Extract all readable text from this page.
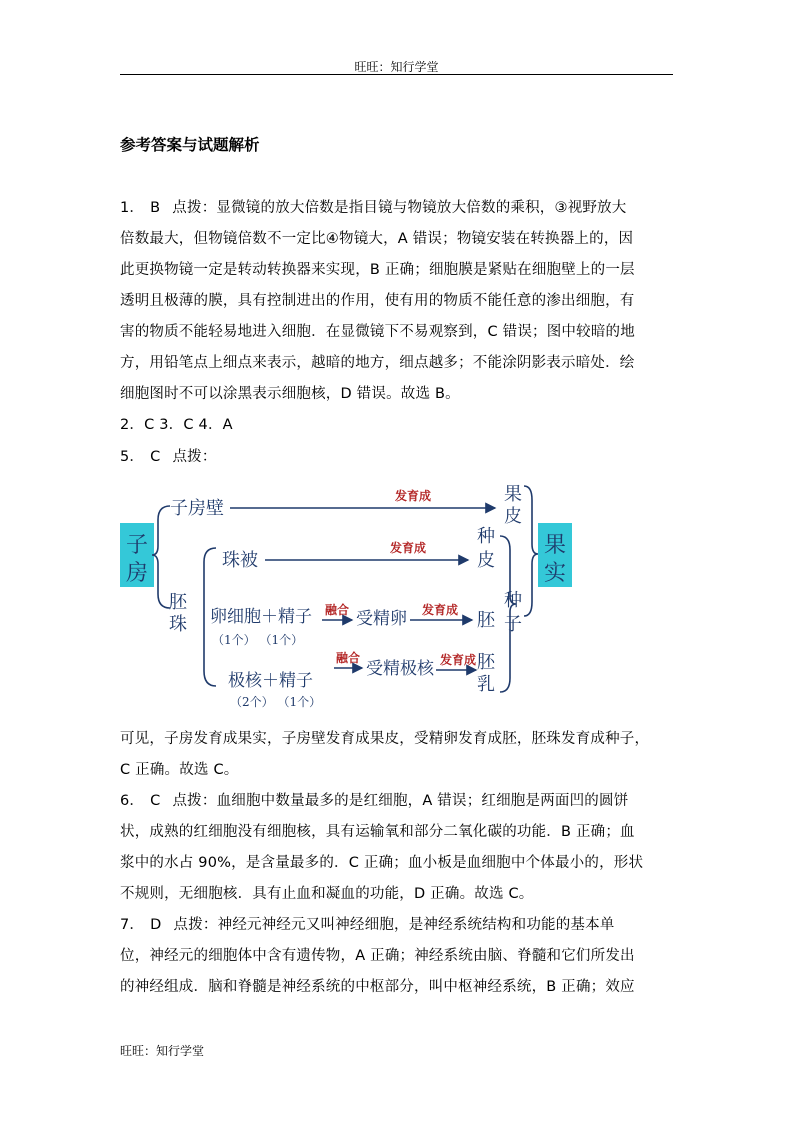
旺旺：知行学堂
参考答案与试题解析
1． B 点拨：显微镜的放大倍数是指目镜与物镜放大倍数的乘积，③视野放大
倍数最大，但物镜倍数不一定比④物镜大，A 错误；物镜安装在转换器上的，因
此更换物镜一定是转动转换器来实现，B 正确；细胞膜是紧贴在细胞壁上的一层
透明且极薄的膜，具有控制进出的作用，使有用的物质不能任意的渗出细胞，有
害的物质不能轻易地进入细胞．在显微镜下不易观察到，C 错误；图中较暗的地
方，用铅笔点上细点来表示，越暗的地方，细点越多；不能涂阴影表示暗处．绘
细胞图时不可以涂黑表示细胞核，D 错误。故选 B。
2．C 3．C 4．A
5． C 点拨：
子
房
果
实
子房壁
发育成	果
皮
胚
珠
珠被
发育成
种
皮
卵细胞＋精子
（1个） （1个）
融合 受精卵 发育成 胚
极核＋精子
（2个） （1个）
融合
受精极核 发育成 胚
乳
种
子
可见，子房发育成果实，子房壁发育成果皮，受精卵发育成胚，胚珠发育成种子，
C 正确。故选 C。
6． C 点拨：血细胞中数量最多的是红细胞，A 错误；红细胞是两面凹的圆饼
状，成熟的红细胞没有细胞核，具有运输氧和部分二氧化碳的功能．B 正确；血
浆中的水占 90%，是含量最多的．C 正确；血小板是血细胞中个体最小的，形状
不规则，无细胞核．具有止血和凝血的功能，D 正确。故选 C。
7． D 点拨：神经元神经元又叫神经细胞，是神经系统结构和功能的基本单
位，神经元的细胞体中含有遗传物，A 正确；神经系统由脑、脊髓和它们所发出
的神经组成．脑和脊髓是神经系统的中枢部分，叫中枢神经系统，B 正确；效应
旺旺：知行学堂
